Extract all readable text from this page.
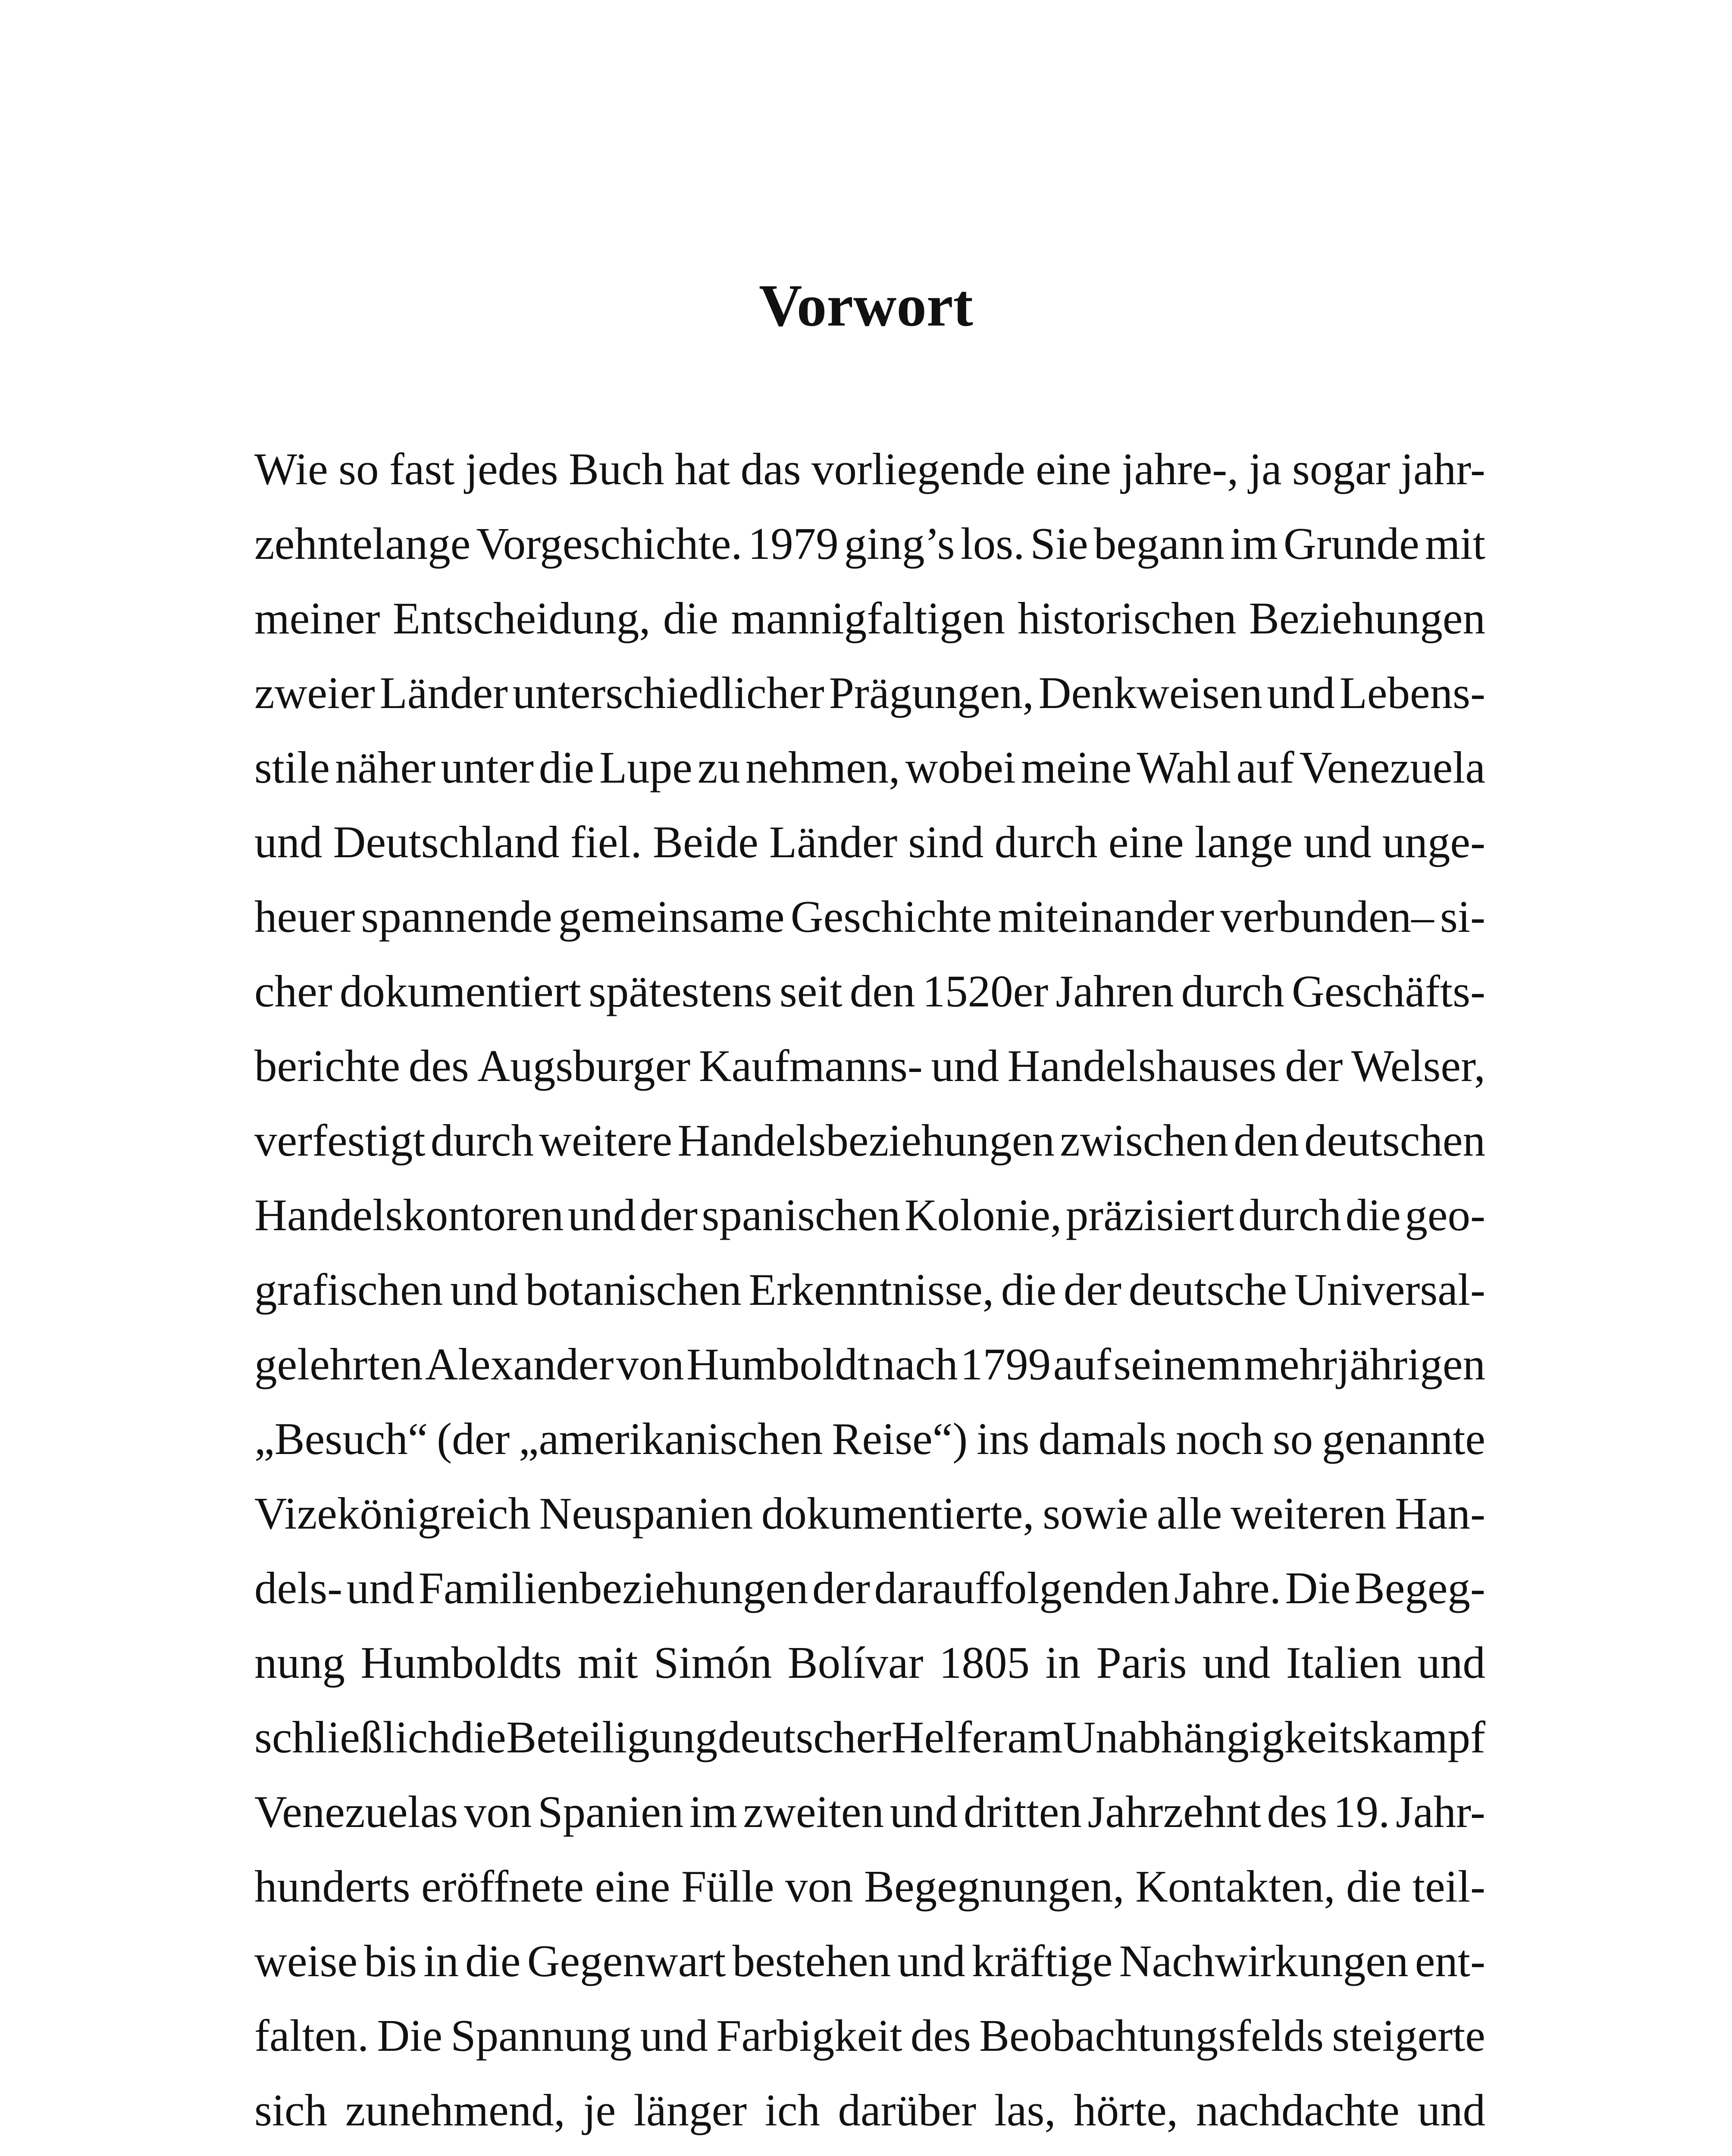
Vorwort
Wie so fast jedes Buch hat das vorliegende eine jahre-, ja sogar jahr-
zehntelange Vorgeschichte. 1979 ging’s los. Sie begann im Grunde mit
meiner Entscheidung, die mannigfaltigen historischen Beziehungen
zweier Länder unterschiedlicher Prägungen, Denkweisen und Lebens-
stile näher unter die Lupe zu nehmen, wobei meine Wahl auf Venezuela
und Deutschland fiel. Beide Länder sind durch eine lange und unge-
heuer spannende gemeinsame Geschichte miteinander verbunden– si-
cher dokumentiert spätestens seit den 1520er Jahren durch Geschäfts-
berichte des Augsburger Kaufmanns- und Handelshauses der Welser,
verfestigt durch weitere Handelsbeziehungen zwischen den deutschen
Handelskontoren und der spanischen Kolonie, präzisiert durch die geo-
grafischen und botanischen Erkenntnisse, die der deutsche Universal-
gelehrten Alexander von Humboldt nach 1799 auf seinem mehrjährigen
„Besuch“ (der „amerikanischen Reise“) ins damals noch so genannte
Vizekönigreich Neuspanien dokumentierte, sowie alle weiteren Han-
dels- und Familienbeziehungen der darauffolgenden Jahre. Die Begeg-
nung Humboldts mit Simón Bolívar 1805 in Paris und Italien und
schließlich die Beteiligung deutscher Helfer am Unabhängigkeitskampf
Venezuelas von Spanien im zweiten und dritten Jahrzehnt des 19. Jahr-
hunderts eröffnete eine Fülle von Begegnungen, Kontakten, die teil-
weise bis in die Gegenwart bestehen und kräftige Nachwirkungen ent-
falten. Die Spannung und Farbigkeit des Beobachtungsfelds steigerte
sich zunehmend, je länger ich darüber las, hörte, nachdachte und
